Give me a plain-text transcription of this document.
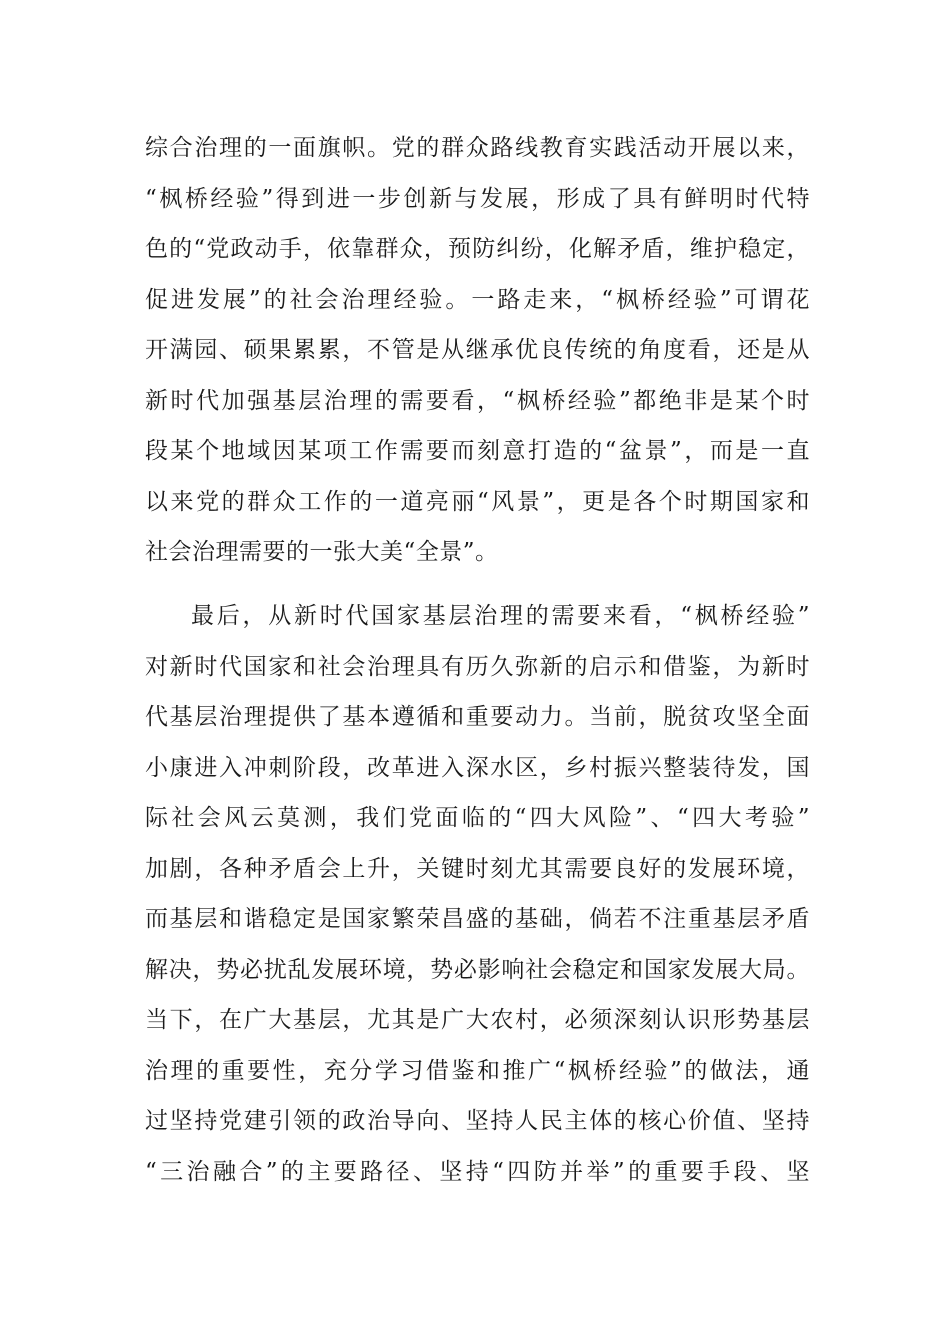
综合治理的一面旗帜。党的群众路线教育实践活动开展以来，
“枫桥经验”得到进一步创新与发展，形成了具有鲜明时代特
色的“党政动手，依靠群众，预防纠纷，化解矛盾，维护稳定，
促进发展”的社会治理经验。一路走来，“枫桥经验”可谓花
开满园、硕果累累，不管是从继承优良传统的角度看，还是从
新时代加强基层治理的需要看，“枫桥经验”都绝非是某个时
段某个地域因某项工作需要而刻意打造的“盆景”，而是一直
以来党的群众工作的一道亮丽“风景”，更是各个时期国家和
社会治理需要的一张大美“全景”。
最后，从新时代国家基层治理的需要来看，“枫桥经验”
对新时代国家和社会治理具有历久弥新的启示和借鉴，为新时
代基层治理提供了基本遵循和重要动力。当前，脱贫攻坚全面
小康进入冲刺阶段，改革进入深水区，乡村振兴整装待发，国
际社会风云莫测，我们党面临的“四大风险”、“四大考验”
加剧，各种矛盾会上升，关键时刻尤其需要良好的发展环境，
而基层和谐稳定是国家繁荣昌盛的基础，倘若不注重基层矛盾
解决，势必扰乱发展环境，势必影响社会稳定和国家发展大局。
当下，在广大基层，尤其是广大农村，必须深刻认识形势基层
治理的重要性，充分学习借鉴和推广“枫桥经验”的做法，通
过坚持党建引领的政治导向、坚持人民主体的核心价值、坚持
“三治融合”的主要路径、坚持“四防并举”的重要手段、坚
